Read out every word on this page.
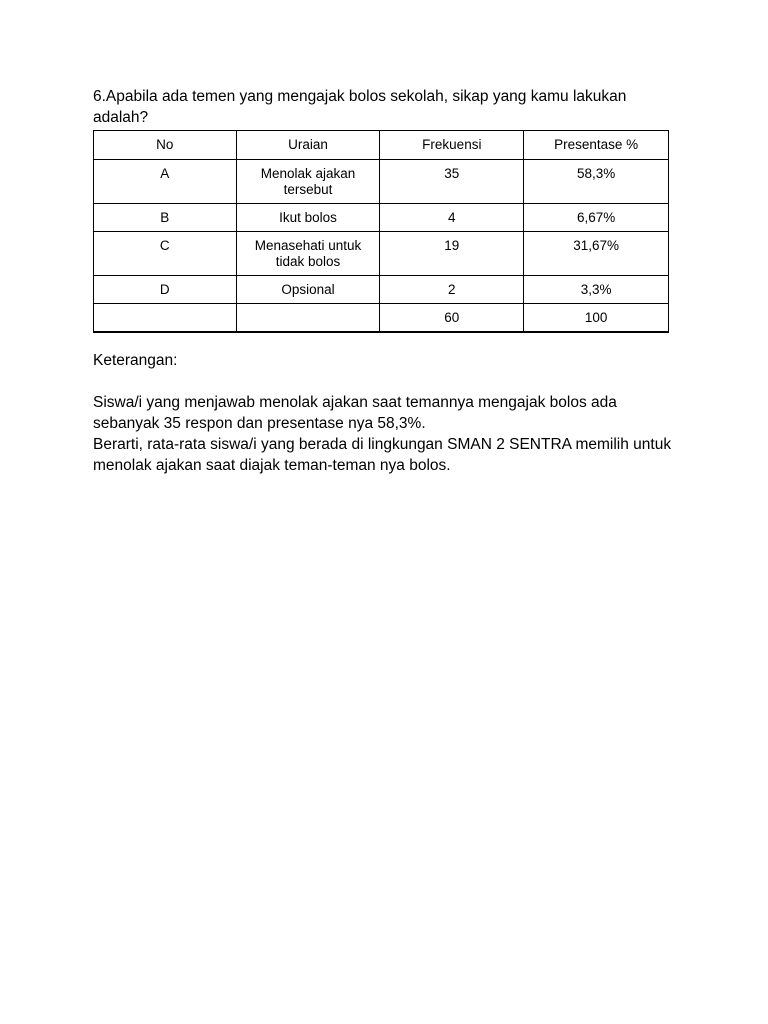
6.Apabila ada temen yang mengajak bolos sekolah, sikap yang kamu lakukan adalah?

No	Uraian	Frekuensi	Presentase %
A	Menolak ajakan tersebut	35	58,3%
B	Ikut bolos	4	6,67%
C	Menasehati untuk tidak bolos	19	31,67%
D	Opsional	2	3,3%
		60	100

Keterangan:

Siswa/i yang menjawab menolak ajakan saat temannya mengajak bolos ada sebanyak 35 respon dan presentase nya 58,3%.

Berarti, rata-rata siswa/i yang berada di lingkungan SMAN 2 SENTRA memilih untuk menolak ajakan saat diajak teman-teman nya bolos.
